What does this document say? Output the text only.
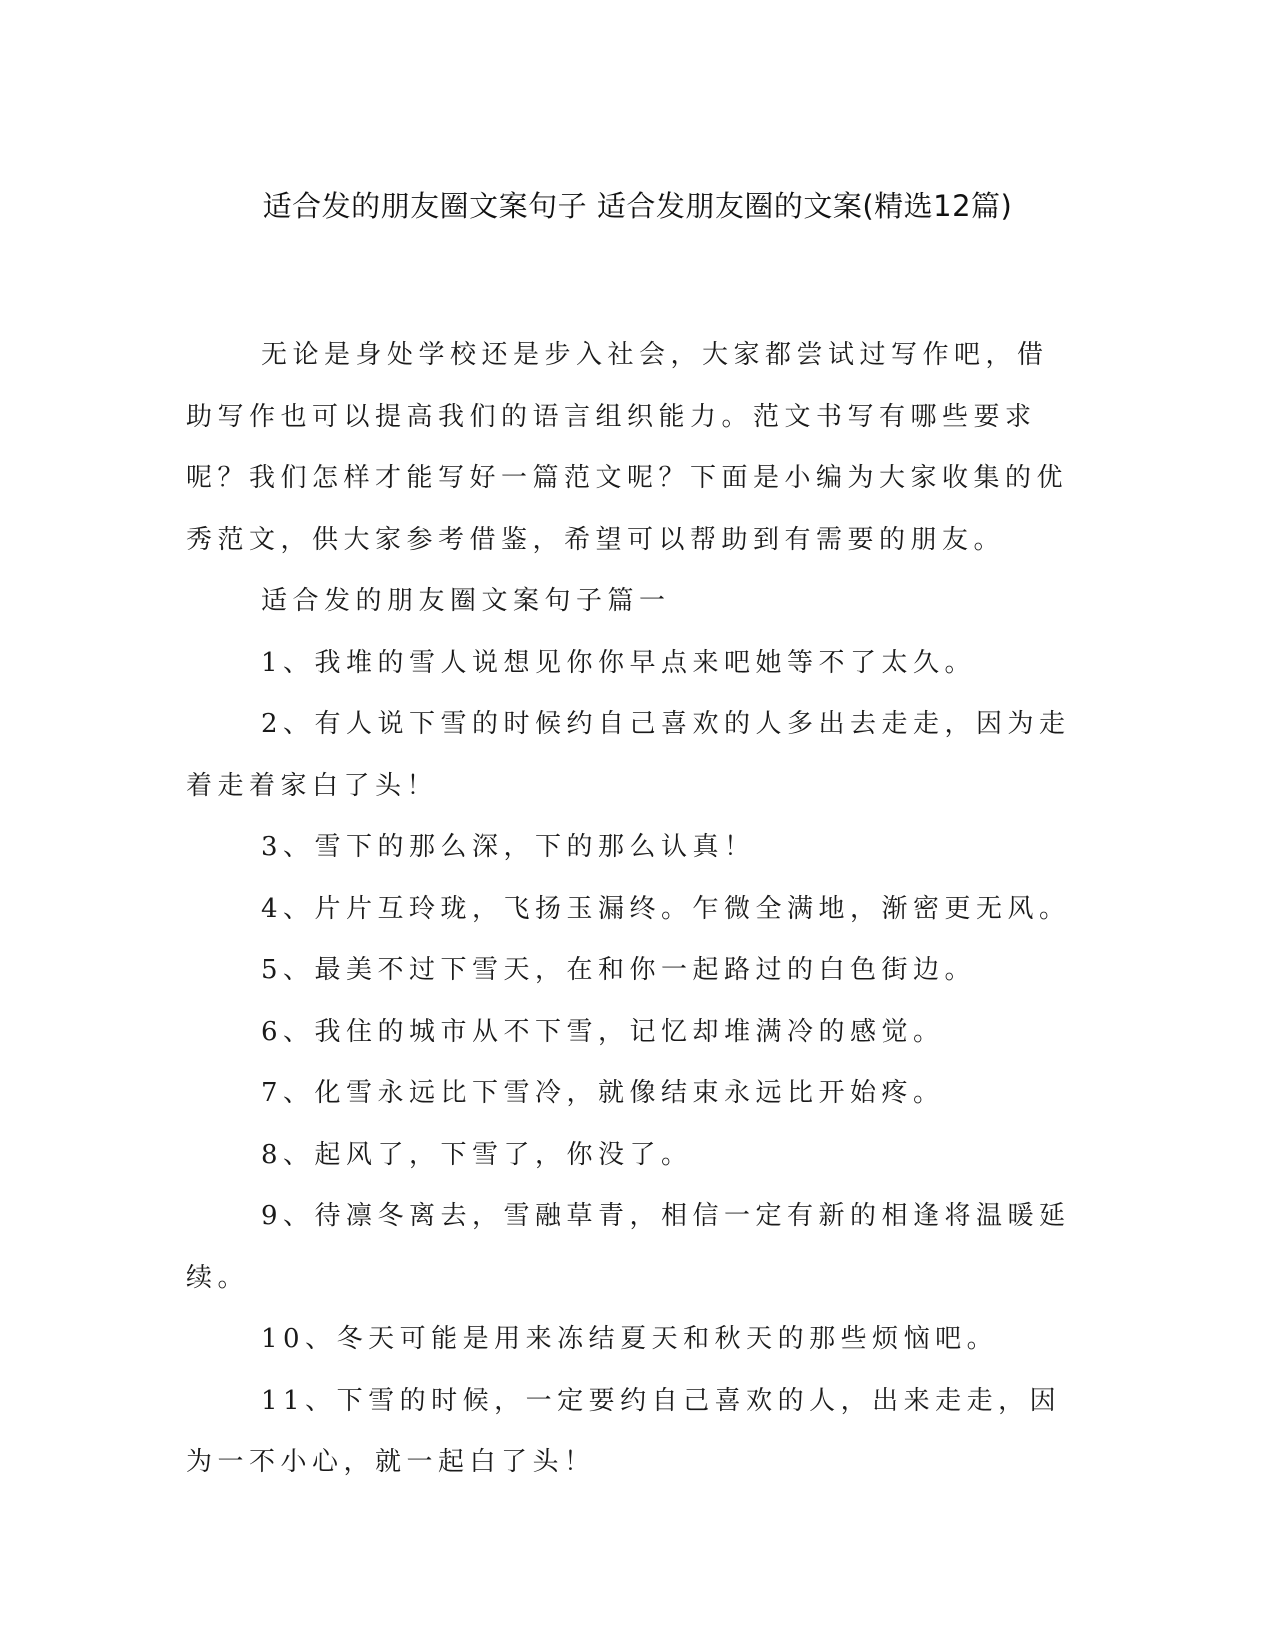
适合发的朋友圈文案句子 适合发朋友圈的文案(精选12篇)

无论是身处学校还是步入社会，大家都尝试过写作吧，借助写作也可以提高我们的语言组织能力。范文书写有哪些要求呢？我们怎样才能写好一篇范文呢？下面是小编为大家收集的优秀范文，供大家参考借鉴，希望可以帮助到有需要的朋友。

适合发的朋友圈文案句子篇一

1、我堆的雪人说想见你你早点来吧她等不了太久。

2、有人说下雪的时候约自己喜欢的人多出去走走，因为走着走着家白了头！

3、雪下的那么深，下的那么认真！

4、片片互玲珑，飞扬玉漏终。乍微全满地，渐密更无风。

5、最美不过下雪天，在和你一起路过的白色街边。

6、我住的城市从不下雪，记忆却堆满冷的感觉。

7、化雪永远比下雪冷，就像结束永远比开始疼。

8、起风了，下雪了，你没了。

9、待凛冬离去，雪融草青，相信一定有新的相逢将温暖延续。

10、冬天可能是用来冻结夏天和秋天的那些烦恼吧。

11、下雪的时候，一定要约自己喜欢的人，出来走走，因为一不小心，就一起白了头！
